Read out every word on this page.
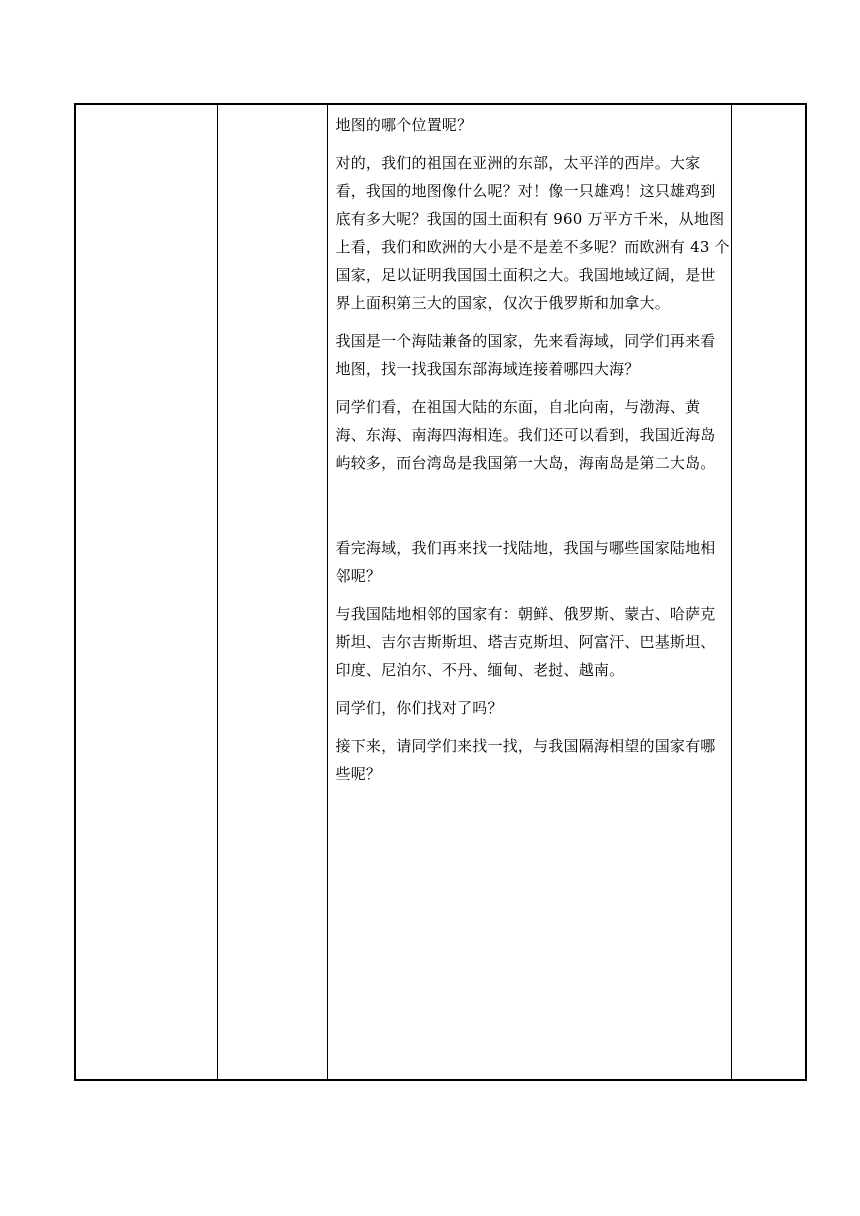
地图的哪个位置呢？

对的，我们的祖国在亚洲的东部，太平洋的西岸。大家看，我国的地图像什么呢？对！像一只雄鸡！这只雄鸡到底有多大呢？我国的国土面积有 960 万平方千米，从地图上看，我们和欧洲的大小是不是差不多呢？而欧洲有 43 个国家，足以证明我国国土面积之大。我国地域辽阔，是世界上面积第三大的国家，仅次于俄罗斯和加拿大。

我国是一个海陆兼备的国家，先来看海域，同学们再来看地图，找一找我国东部海域连接着哪四大海？

同学们看，在祖国大陆的东面，自北向南，与渤海、黄海、东海、南海四海相连。我们还可以看到，我国近海岛屿较多，而台湾岛是我国第一大岛，海南岛是第二大岛。

看完海域，我们再来找一找陆地，我国与哪些国家陆地相邻呢？

与我国陆地相邻的国家有：朝鲜、俄罗斯、蒙古、哈萨克斯坦、吉尔吉斯斯坦、塔吉克斯坦、阿富汗、巴基斯坦、印度、尼泊尔、不丹、缅甸、老挝、越南。

同学们，你们找对了吗？

接下来，请同学们来找一找，与我国隔海相望的国家有哪些呢？
